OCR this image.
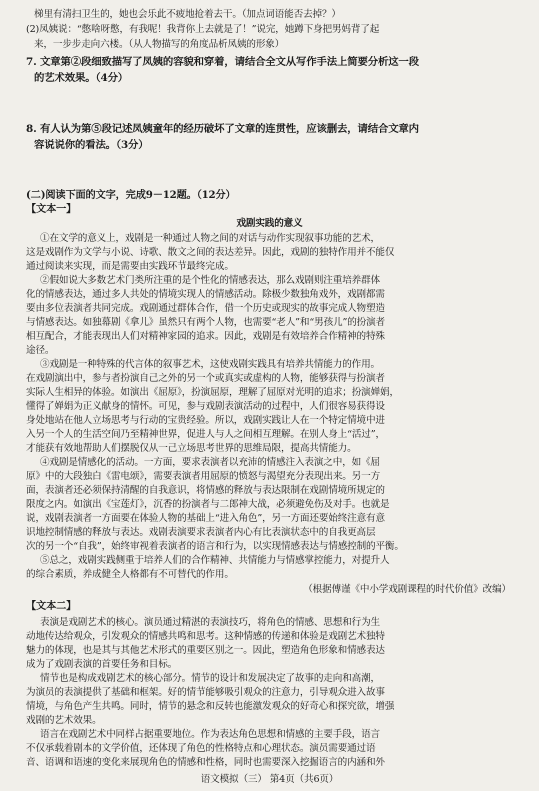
梯里有清扫卫生的，她也会乐此不疲地抢着去干。（加点词语能否去掉？）
(2)凤姨说：“憋啥呀憋，有我呢！我背你上去就是了！”说完，她蹲下身把男妈背了起
来，一步步走向六楼。（从人物描写的角度品析凤姨的形象）
7. 文章第②段细致描写了凤姨的容貌和穿着，请结合全文从写作手法上简要分析这一段
的艺术效果。（4分）
8. 有人认为第⑤段记述凤姨童年的经历破坏了文章的连贯性，应该删去，请结合文章内
容说说你的看法。（3分）
(二)阅读下面的文字，完成9－12题。（12分）
【文本一】
戏剧实践的意义
①在文学的意义上，戏剧是一种通过人物之间的对话与动作实现叙事功能的艺术，
这是戏剧作为文学与小说、诗歌、散文之间的表达差异。因此，戏剧的独特作用并不能仅
通过阅读来实现，而是需要由实践环节最终完成。
②假如说大多数艺术门类所注重的是个性化的情感表达，那么戏剧则注重培养群体
化的情感表达，通过多人共处的情境实现人的情感活动。除极少数独角戏外，戏剧都需
要由多位表演者共同完成。戏剧通过群体合作，借一个历史或现实的故事完成人物塑造
与情感表达。如独幕剧《拿儿》虽然只有两个人物，也需要“老人”和“男孩儿”的扮演者
相互配合，才能表现出人们对精神家园的追求。因此，戏剧是有效培养合作精神的特殊
途径。
③戏剧是一种特殊的代言体的叙事艺术，这使戏剧实践具有培养共情能力的作用。
在戏剧演出中，参与者扮演自己之外的另一个或真实或虚构的人物，能够获得与扮演者
实际人生相异的体验。如演出《屈原》，扮演屈原，理解了屈原对光明的追求；扮演婵娟，
懂得了婵娟为正义献身的情怀。可见，参与戏剧表演活动的过程中，人们很容易获得设
身处地站在他人立场思考与行动的宝贵经验。所以，戏剧实践让人在一个特定情境中进
入另一个人的生活空间乃至精神世界，促进人与人之间相互理解。在别人身上“活过”，
才能获有效地帮助人们摆脱仅从一己立场思考世界的思维局限，提高共情能力。
④戏剧是情感化的活动。一方面，要求表演者以充沛的情感注入表演之中，如《屈
原》中的大段独白《雷电颂》，需要表演者用屈原的愤怒与渴望充分表现出来。另一方
面，表演者还必须保持清醒的自我意识，将情感的释放与表达限制在戏剧情境所规定的
限度之内。如演出《宝莲灯》，沉香的扮演者与二郎神大战，必须避免伤及对手。也就是
说，戏剧表演者一方面要在体验人物的基础上“进入角色”，另一方面还要始终注意有意
识地控制情感的释放与表达。戏剧表演要求表演者内心有比表演状态中的自我更高层
次的另一个“自我”，始终审视着表演者的语言和行为，以实现情感表达与情感控制的平衡。
⑤总之，戏剧实践侧重于培养人们的合作精神、共情能力与情感掌控能力，对提升人
的综合素质，养成健全人格都有不可替代的作用。
（根据傅谨《中小学戏剧课程的时代价值》改编）
【文本二】
表演是戏剧艺术的核心。演员通过精湛的表演技巧，将角色的情感、思想和行为生
动地传达给观众，引发观众的情感共鸣和思考。这种情感的传递和体验是戏剧艺术独特
魅力的体现，也是其与其他艺术形式的重要区别之一。因此，塑造角色形象和情感表达
成为了戏剧表演的首要任务和目标。
情节也是构成戏剧艺术的核心部分。情节的设计和发展决定了故事的走向和高潮，
为演员的表演提供了基础和框架。好的情节能够吸引观众的注意力，引导观众进入故事
情境，与角色产生共鸣。同时，情节的悬念和反转也能激发观众的好奇心和探究欲，增强
戏剧的艺术效果。
语言在戏剧艺术中同样占据重要地位。作为表达角色思想和情感的主要手段，语言
不仅承载着剧本的文学价值，还体现了角色的性格特点和心理状态。演员需要通过语
音、语调和语速的变化来展现角色的情感和性格，同时也需要深入挖掘语言的内涵和外
语文模拟（三） 第4页（共6页）
